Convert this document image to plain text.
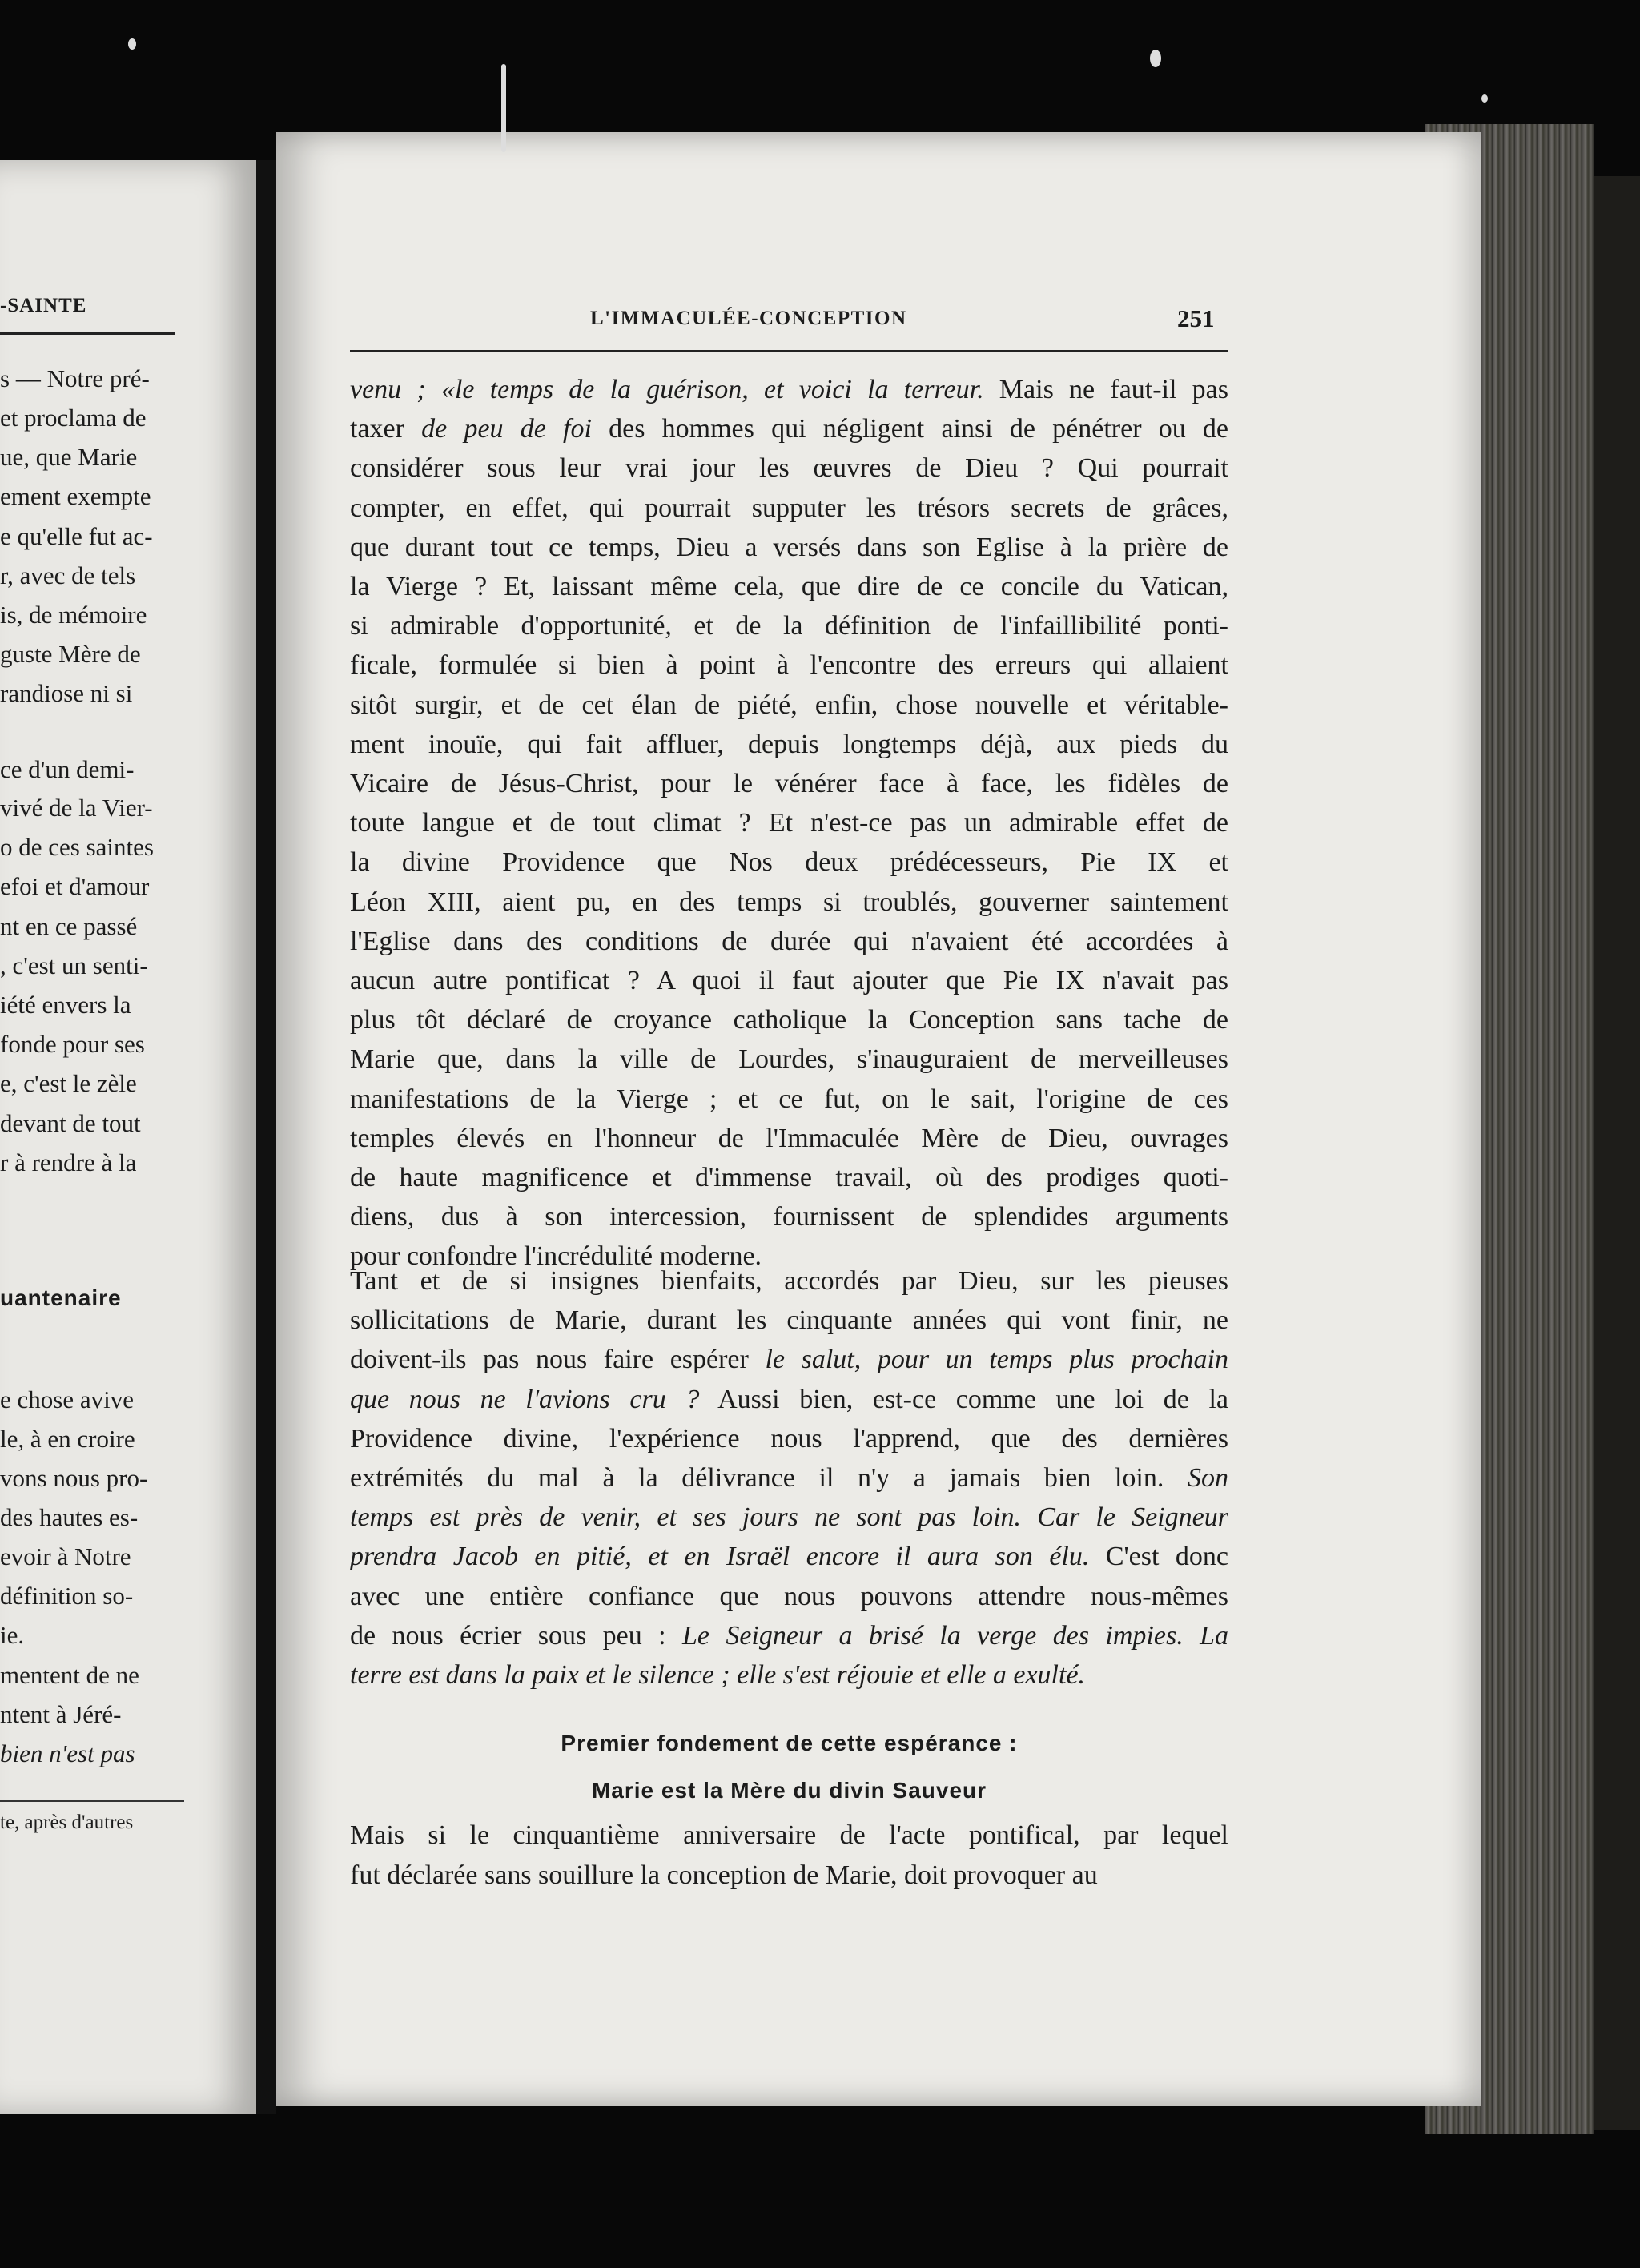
-SAINTE
s — Notre pré-
et proclama de
ue, que Marie
ement exempte
e qu'elle fut ac-
r, avec de tels
is, de mémoire
guste Mère de
randiose ni si
ce d'un demi-
vivé de la Vier-
o de ces saintes
efoi et d'amour
nt en ce passé
, c'est un senti-
iété envers la
fonde pour ses
e, c'est le zèle
devant de tout
r à rendre à la
uantenaire
e chose avive
le, à en croire
vons nous pro-
des hautes es-
evoir à Notre
définition so-
ie.
mentent de ne
ntent à Jéré-
bien n'est pas
te, après d'autres
L'IMMACULÉE-CONCEPTION	251
venu ; «le temps de la guérison, et voici la terreur. Mais ne faut-il pas
taxer de peu de foi des hommes qui négligent ainsi de pénétrer ou de
considérer sous leur vrai jour les œuvres de Dieu ? Qui pourrait
compter, en effet, qui pourrait supputer les trésors secrets de grâces,
que durant tout ce temps, Dieu a versés dans son Eglise à la prière de
la Vierge ? Et, laissant même cela, que dire de ce concile du Vatican,
si admirable d'opportunité, et de la définition de l'infaillibilité ponti-
ficale, formulée si bien à point à l'encontre des erreurs qui allaient
sitôt surgir, et de cet élan de piété, enfin, chose nouvelle et véritable-
ment inouïe, qui fait affluer, depuis longtemps déjà, aux pieds du
Vicaire de Jésus-Christ, pour le vénérer face à face, les fidèles de
toute langue et de tout climat ? Et n'est-ce pas un admirable effet de
la divine Providence que Nos deux prédécesseurs, Pie IX et
Léon XIII, aient pu, en des temps si troublés, gouverner saintement
l'Eglise dans des conditions de durée qui n'avaient été accordées à
aucun autre pontificat ? A quoi il faut ajouter que Pie IX n'avait pas
plus tôt déclaré de croyance catholique la Conception sans tache de
Marie que, dans la ville de Lourdes, s'inauguraient de merveilleuses
manifestations de la Vierge ; et ce fut, on le sait, l'origine de ces
temples élevés en l'honneur de l'Immaculée Mère de Dieu, ouvrages
de haute magnificence et d'immense travail, où des prodiges quoti-
diens, dus à son intercession, fournissent de splendides arguments
pour confondre l'incrédulité moderne.
Tant et de si insignes bienfaits, accordés par Dieu, sur les pieuses
sollicitations de Marie, durant les cinquante années qui vont finir, ne
doivent-ils pas nous faire espérer le salut, pour un temps plus prochain
que nous ne l'avions cru ? Aussi bien, est-ce comme une loi de la
Providence divine, l'expérience nous l'apprend, que des dernières
extrémités du mal à la délivrance il n'y a jamais bien loin. Son
temps est près de venir, et ses jours ne sont pas loin. Car le Seigneur
prendra Jacob en pitié, et en Israël encore il aura son élu. C'est donc
avec une entière confiance que nous pouvons attendre nous-mêmes
de nous écrier sous peu : Le Seigneur a brisé la verge des impies. La
terre est dans la paix et le silence ; elle s'est réjouie et elle a exulté.
Premier fondement de cette espérance :
Marie est la Mère du divin Sauveur
Mais si le cinquantième anniversaire de l'acte pontifical, par lequel
fut déclarée sans souillure la conception de Marie, doit provoquer au
